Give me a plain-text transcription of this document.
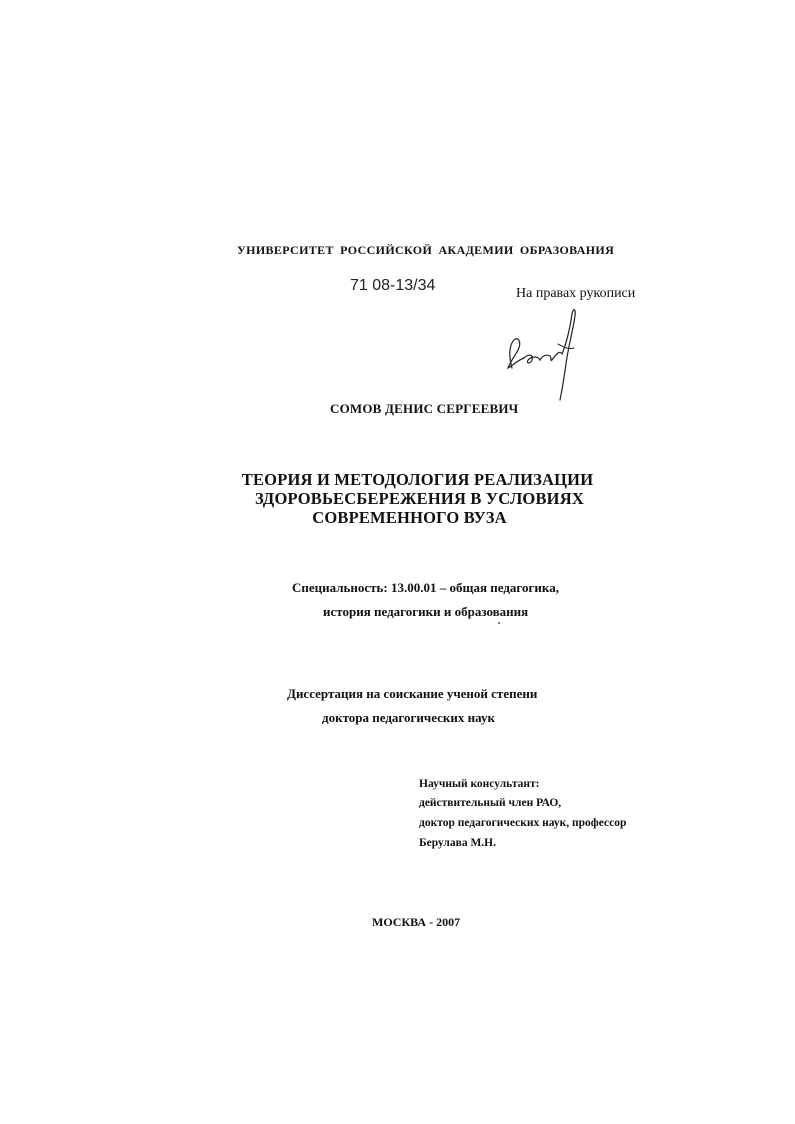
УНИВЕРСИТЕТ РОССИЙСКОЙ АКАДЕМИИ ОБРАЗОВАНИЯ
71 08-13/34	На правах рукописи
СОМОВ ДЕНИС СЕРГЕЕВИЧ
ТЕОРИЯ И МЕТОДОЛОГИЯ РЕАЛИЗАЦИИ
ЗДОРОВЬЕСБЕРЕЖЕНИЯ В УСЛОВИЯХ
СОВРЕМЕННОГО ВУЗА
Специальность: 13.00.01 – общая педагогика,
история педагогики и образования
Диссертация на соискание ученой степени
доктора педагогических наук
Научный консультант:
действительный член РАО,
доктор педагогических наук, профессор
Берулава М.Н.
МОСКВА - 2007
